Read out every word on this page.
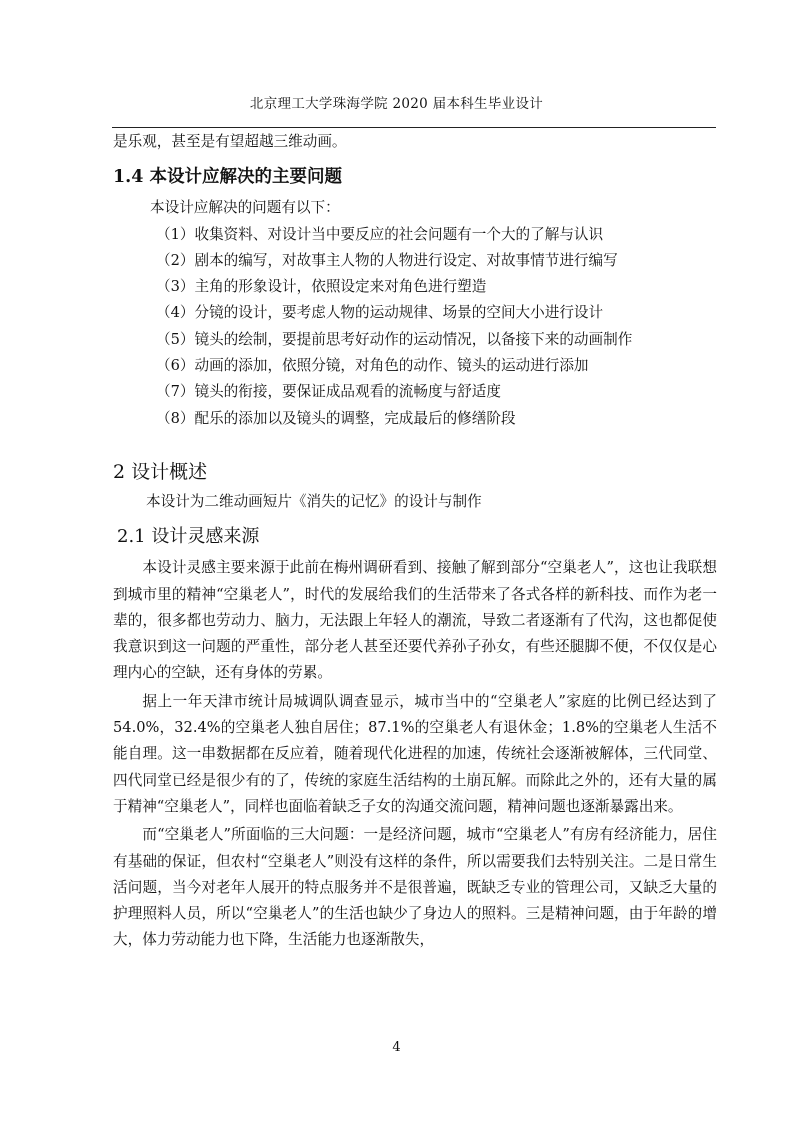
北京理工大学珠海学院 2020 届本科生毕业设计

是乐观，甚至是有望超越三维动画。

1.4 本设计应解决的主要问题

本设计应解决的问题有以下：

（1）收集资料、对设计当中要反应的社会问题有一个大的了解与认识

（2）剧本的编写，对故事主人物的人物进行设定、对故事情节进行编写

（3）主角的形象设计，依照设定来对角色进行塑造

（4）分镜的设计，要考虑人物的运动规律、场景的空间大小进行设计

（5）镜头的绘制，要提前思考好动作的运动情况，以备接下来的动画制作

（6）动画的添加，依照分镜，对角色的动作、镜头的运动进行添加

（7）镜头的衔接，要保证成品观看的流畅度与舒适度

（8）配乐的添加以及镜头的调整，完成最后的修缮阶段

2 设计概述

本设计为二维动画短片《消失的记忆》的设计与制作

2.1 设计灵感来源

本设计灵感主要来源于此前在梅州调研看到、接触了解到部分“空巢老人”，这也让我联想到城市里的精神“空巢老人”，时代的发展给我们的生活带来了各式各样的新科技、而作为老一辈的，很多都也劳动力、脑力，无法跟上年轻人的潮流，导致二者逐渐有了代沟，这也都促使我意识到这一问题的严重性，部分老人甚至还要代养孙子孙女，有些还腿脚不便，不仅仅是心理内心的空缺，还有身体的劳累。

据上一年天津市统计局城调队调查显示，城市当中的“空巢老人”家庭的比例已经达到了 54.0%，32.4%的空巢老人独自居住；87.1%的空巢老人有退休金；1.8%的空巢老人生活不能自理。这一串数据都在反应着，随着现代化进程的加速，传统社会逐渐被解体，三代同堂、四代同堂已经是很少有的了，传统的家庭生活结构的土崩瓦解。而除此之外的，还有大量的属于精神“空巢老人”，同样也面临着缺乏子女的沟通交流问题，精神问题也逐渐暴露出来。

而“空巢老人”所面临的三大问题：一是经济问题，城市“空巢老人”有房有经济能力，居住有基础的保证，但农村“空巢老人”则没有这样的条件，所以需要我们去特别关注。二是日常生活问题，当今对老年人展开的特点服务并不是很普遍，既缺乏专业的管理公司，又缺乏大量的护理照料人员，所以“空巢老人”的生活也缺少了身边人的照料。三是精神问题，由于年龄的增大，体力劳动能力也下降，生活能力也逐渐散失，

4
